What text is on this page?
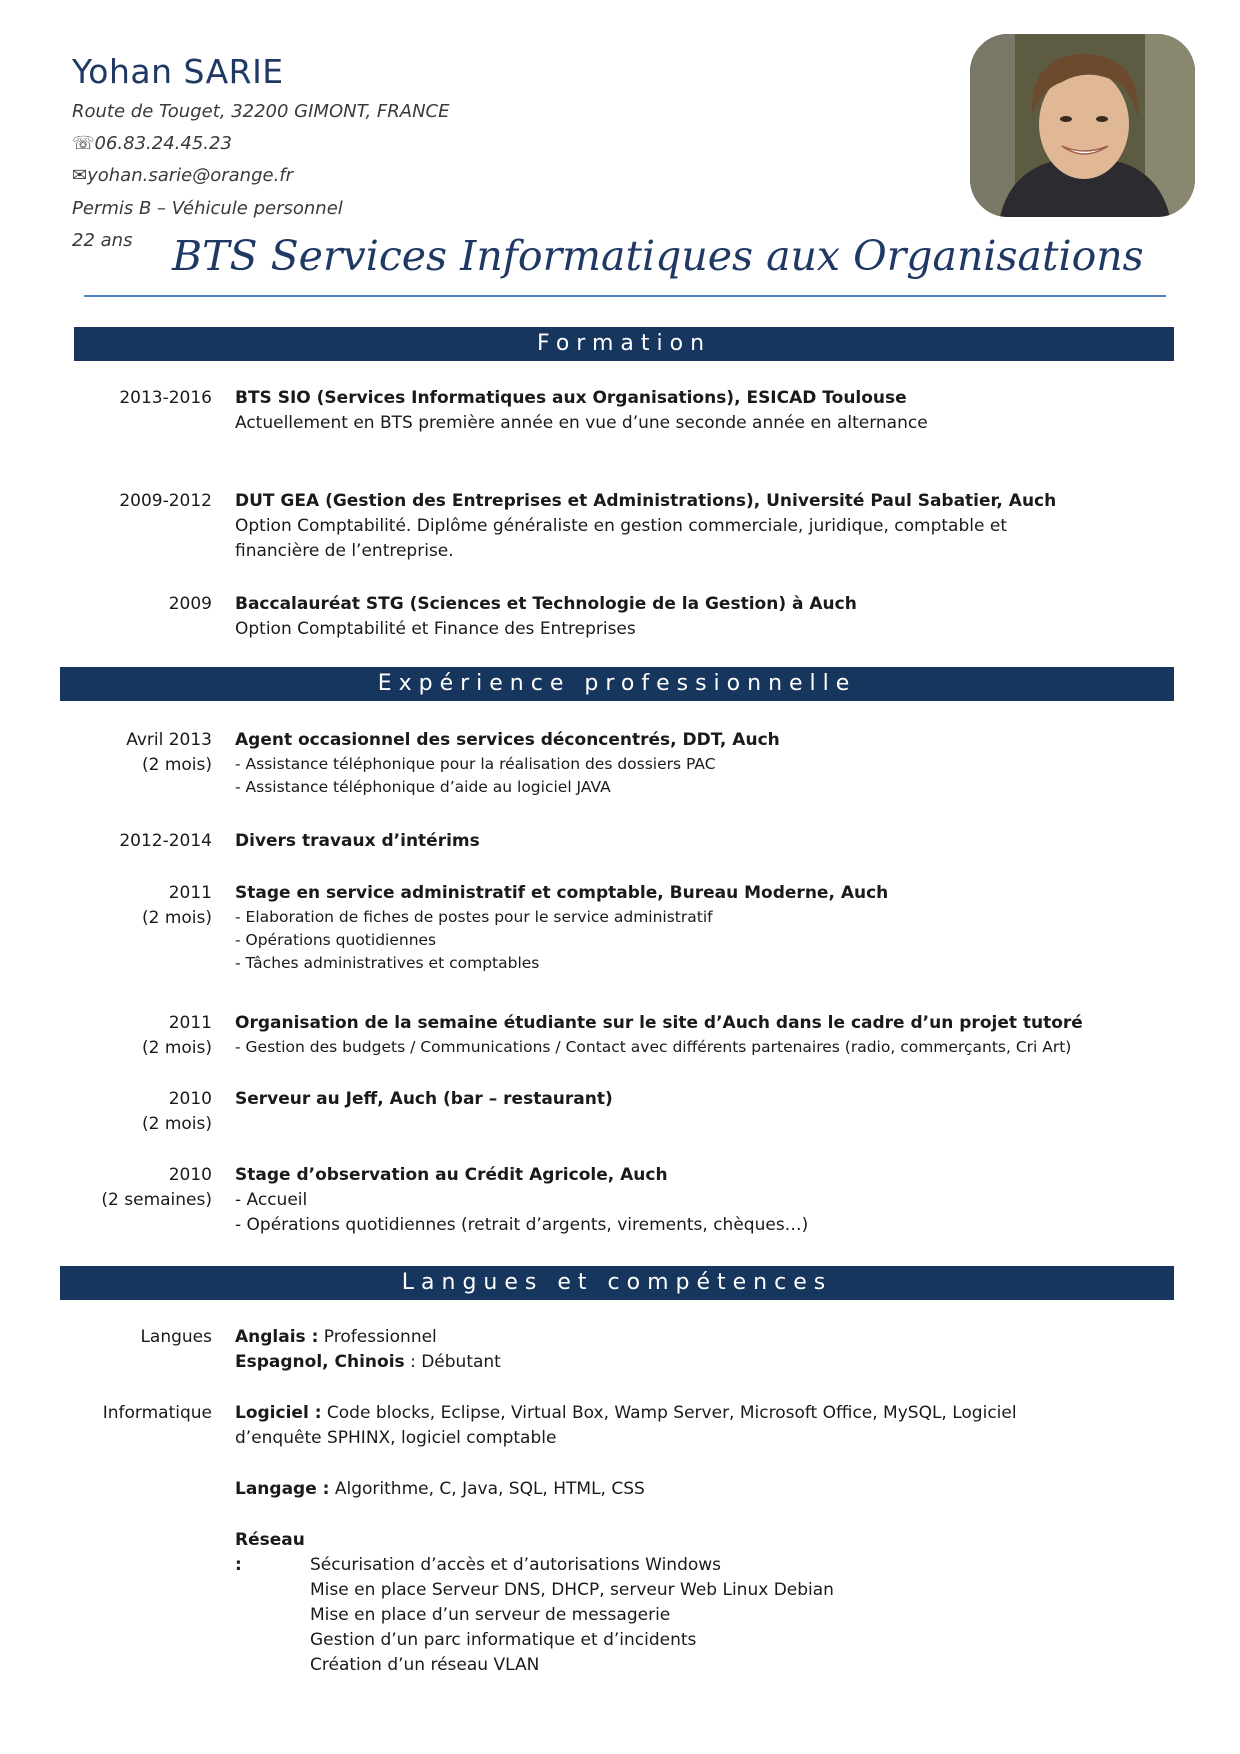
Yohan SARIE
Route de Touget, 32200 GIMONT, FRANCE
☏06.83.24.45.23
✉yohan.sarie@orange.fr
Permis B – Véhicule personnel
22 ans BTS Services Informatiques aux Organisations
Formation
2013-2016 BTS SIO (Services Informatiques aux Organisations), ESICAD Toulouse
Actuellement en BTS première année en vue d’une seconde année en alternance
2009-2012 DUT GEA (Gestion des Entreprises et Administrations), Université Paul Sabatier, Auch
Option Comptabilité. Diplôme généraliste en gestion commerciale, juridique, comptable et
financière de l’entreprise.
2009 Baccalauréat STG (Sciences et Technologie de la Gestion) à Auch
Option Comptabilité et Finance des Entreprises
Expérience professionnelle
Avril 2013
(2 mois)
Agent occasionnel des services déconcentrés, DDT, Auch
- Assistance téléphonique pour la réalisation des dossiers PAC
- Assistance téléphonique d’aide au logiciel JAVA
2012-2014 Divers travaux d’intérims
2011
(2 mois)
Stage en service administratif et comptable, Bureau Moderne, Auch
- Elaboration de fiches de postes pour le service administratif
- Opérations quotidiennes
- Tâches administratives et comptables
2011
(2 mois)
Organisation de la semaine étudiante sur le site d’Auch dans le cadre d’un projet tutoré
- Gestion des budgets / Communications / Contact avec différents partenaires (radio, commerçants, Cri Art)
2010
(2 mois)
Serveur au Jeff, Auch (bar – restaurant)
2010
(2 semaines)
Stage d’observation au Crédit Agricole, Auch
- Accueil
- Opérations quotidiennes (retrait d’argents, virements, chèques…)
Langues et compétences
Langues Anglais : Professionnel
Espagnol, Chinois : Débutant
Informatique Logiciel : Code blocks, Eclipse, Virtual Box, Wamp Server, Microsoft Office, MySQL, Logiciel
d’enquête SPHINX, logiciel comptable
Langage : Algorithme, C, Java, SQL, HTML, CSS
Réseau :	Sécurisation d’accès et d’autorisations Windows
Mise en place Serveur DNS, DHCP, serveur Web Linux Debian
Mise en place d’un serveur de messagerie
Gestion d’un parc informatique et d’incidents
Création d’un réseau VLAN
